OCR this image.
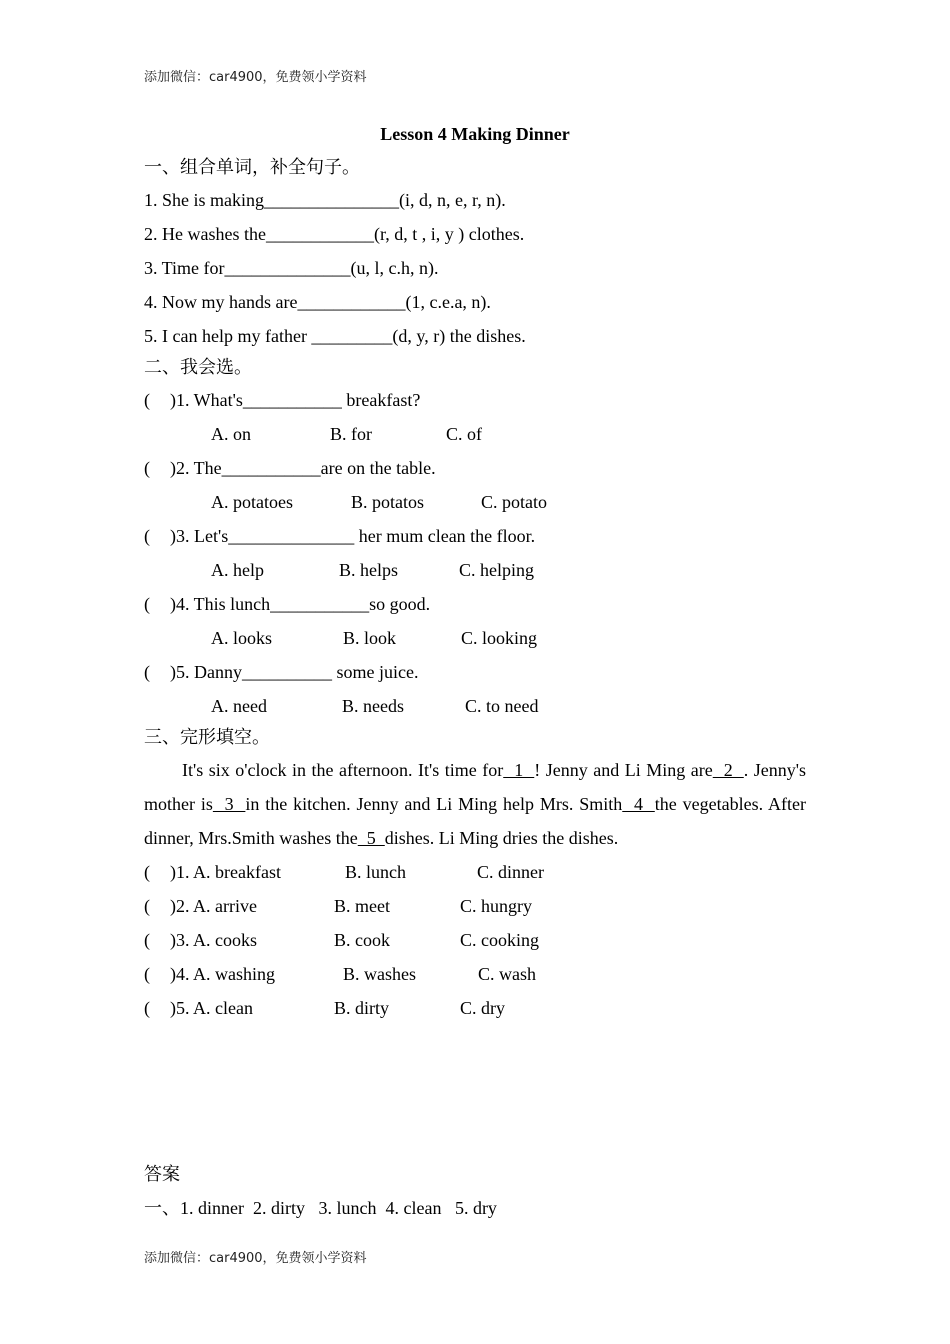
添加微信：car4900，免费领小学资料
Lesson 4 Making Dinner
一、组合单词，补全句子。
1. She is making_______________(i, d, n, e, r, n).
2. He washes the____________(r, d, t , i, y ) clothes.
3. Time for______________(u, l, c.h, n).
4. Now my hands are____________(1, c.e.a, n).
5. I can help my father _________(d, y, r) the dishes.
二、我会选。
( )1. What's___________ breakfast?
A. on	B. for	C. of
( )2. The___________are on the table.
A. potatoes	B. potatos	C. potato
( )3. Let's______________ her mum clean the floor.
A. help	B. helps	C. helping
( )4. This lunch___________so good.
A. looks	B. look	C. looking
( )5. Danny__________ some juice.
A. need	B. needs	C. to need
三、完形填空。
It's six o'clock in the afternoon. It's time for  1  ! Jenny and Li Ming are  2  . Jenny's mother is  3  in the kitchen. Jenny and Li Ming help Mrs. Smith  4  the vegetables. After dinner, Mrs.Smith washes the  5  dishes. Li Ming dries the dishes.
( )1. A. breakfast	B. lunch	C. dinner
( )2. A. arrive	B. meet	C. hungry
( )3. A. cooks	B. cook	C. cooking
( )4. A. washing	B. washes	C. wash
( )5. A. clean	B. dirty	C. dry
答案
一、1. dinner  2. dirty   3. lunch  4. clean   5. dry
添加微信：car4900，免费领小学资料
